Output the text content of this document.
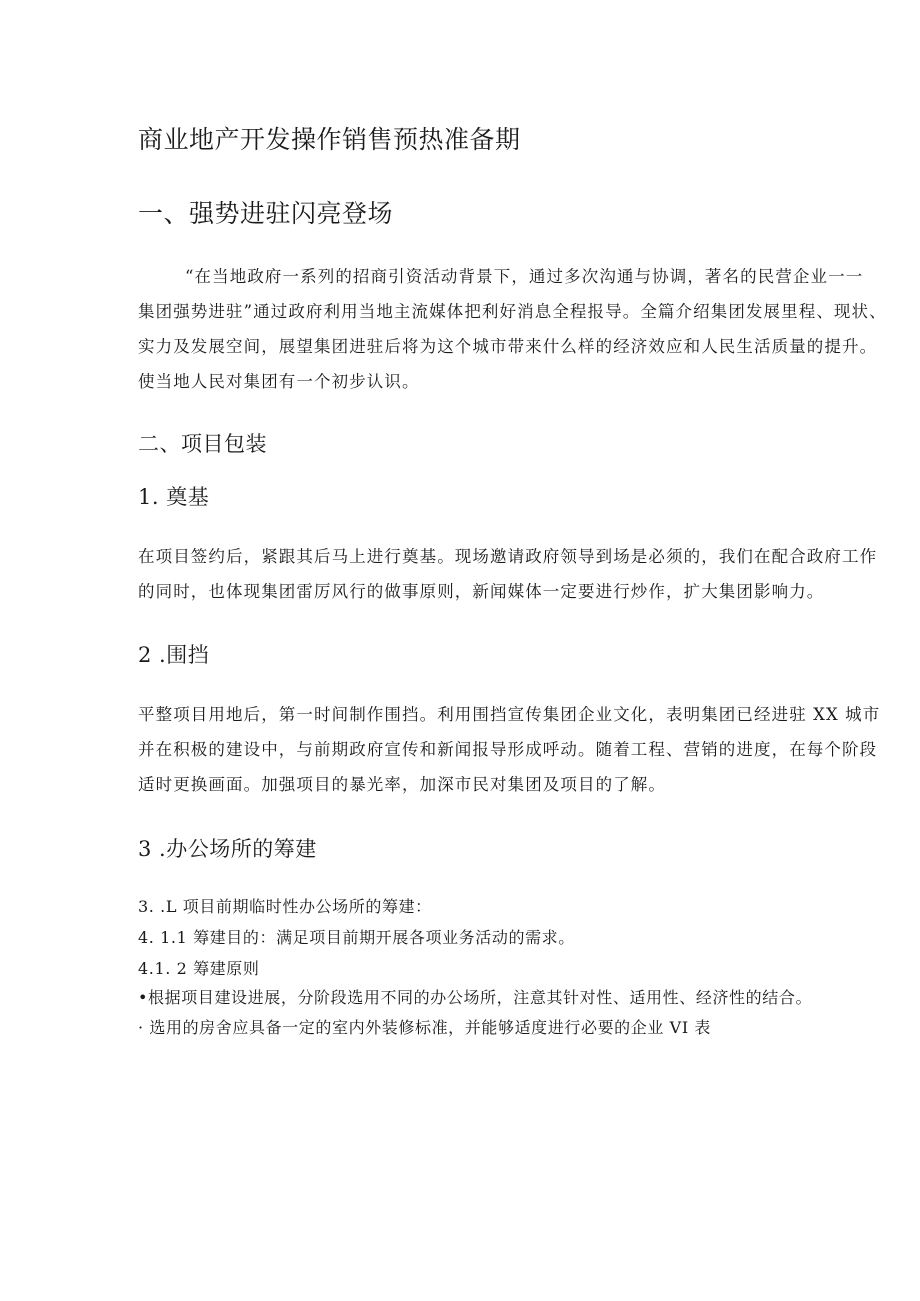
商业地产开发操作销售预热准备期
一、强势进驻闪亮登场
“在当地政府一系列的招商引资活动背景下，通过多次沟通与协调，著名的民营企业一一
集团强势进驻”通过政府利用当地主流媒体把利好消息全程报导。全篇介绍集团发展里程、现状、
实力及发展空间，展望集团进驻后将为这个城市带来什么样的经济效应和人民生活质量的提升。
使当地人民对集团有一个初步认识。
二、项目包装
1. 奠基
在项目签约后，紧跟其后马上进行奠基。现场邀请政府领导到场是必须的，我们在配合政府工作
的同时，也体现集团雷厉风行的做事原则，新闻媒体一定要进行炒作，扩大集团影响力。
2 .围挡
平整项目用地后，第一时间制作围挡。利用围挡宣传集团企业文化，表明集团已经进驻 XX 城市
并在积极的建设中，与前期政府宣传和新闻报导形成呼动。随着工程、营销的进度，在每个阶段
适时更换画面。加强项目的暴光率，加深市民对集团及项目的了解。
3 .办公场所的筹建
3. .L 项目前期临时性办公场所的筹建：
4. 1.1 筹建目的：满足项目前期开展各项业务活动的需求。
4.1. 2 筹建原则
•根据项目建设进展，分阶段选用不同的办公场所，注意其针对性、适用性、经济性的结合。
· 选用的房舍应具备一定的室内外装修标准，并能够适度进行必要的企业 VI 表
